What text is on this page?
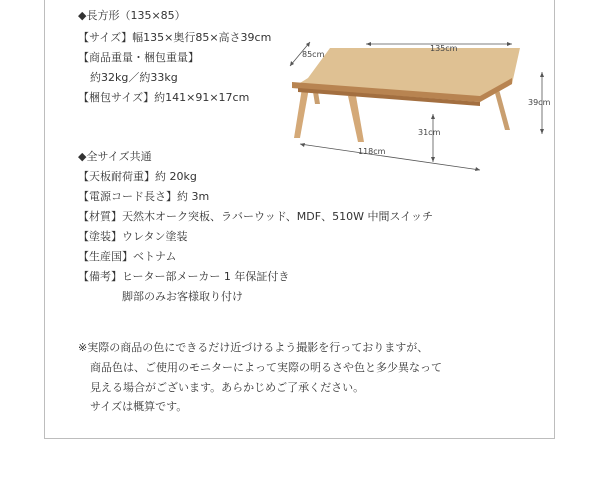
◆長方形（135×85）
【サイズ】幅135×奥行85×高さ39cm
【商品重量・梱包重量】
約32kg／約33kg
【梱包サイズ】約141×91×17cm
85cm
135cm
39cm
31cm
118cm
◆全サイズ共通
【天板耐荷重】約 20kg
【電源コード長さ】約 3m
【材質】天然木オーク突板、ラバーウッド、MDF、510W 中間スイッチ
【塗装】ウレタン塗装
【生産国】ベトナム
【備考】ヒーター部メーカー 1 年保証付き
脚部のみお客様取り付け
※実際の商品の色にできるだけ近づけるよう撮影を行っておりますが、
商品色は、ご使用のモニターによって実際の明るさや色と多少異なって
見える場合がございます。あらかじめご了承ください。
サイズは概算です。
